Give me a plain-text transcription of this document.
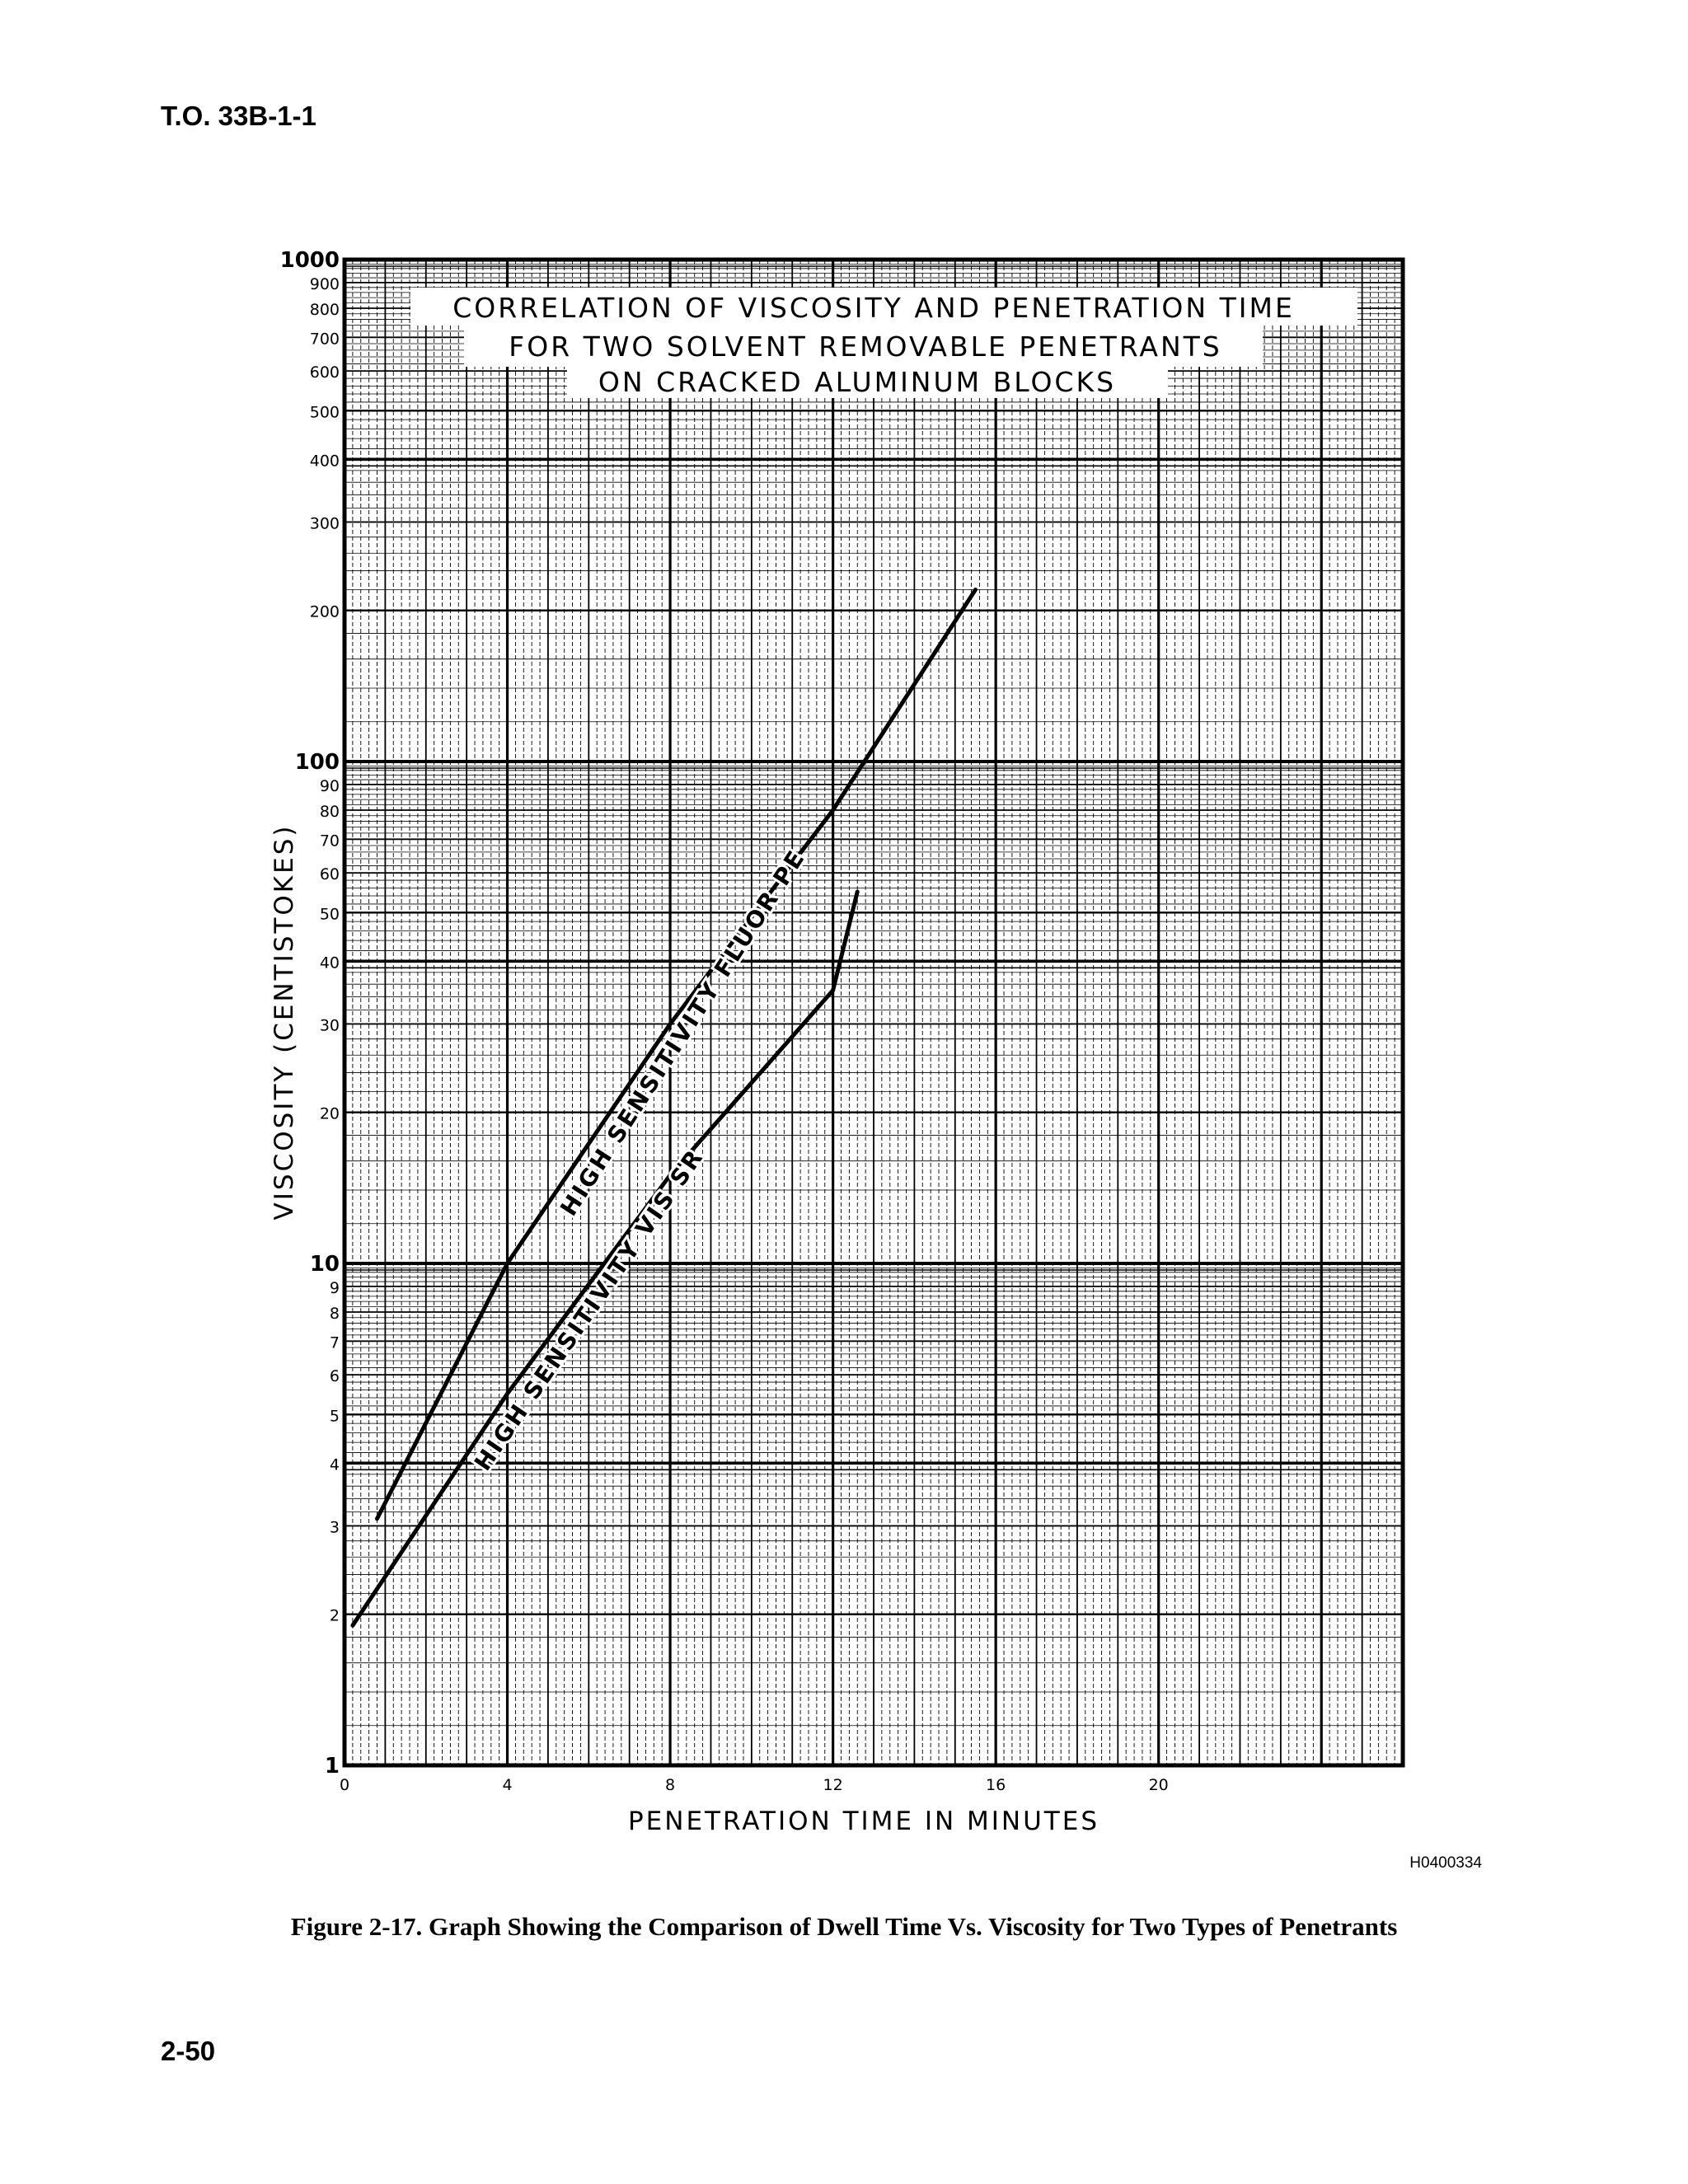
T.O. 33B-1-1
CORRELATION OF VISCOSITY AND PENETRATION TIME
FOR TWO SOLVENT REMOVABLE PENETRANTS
ON CRACKED ALUMINUM BLOCKS
1
2
3
4
5
6
7
8
9
10
20
30
40
50
60
70
80
90
100
200
300
400
500
600
700
800
900
1000
0	4	8	12	16	20
HIGH SENSITIVITY FLUOR PE
HIGH SENSITIVITY VIS SR
PENETRATION TIME IN MINUTES
VISCOSITY (CENTISTOKES)
H0400334
Figure 2-17. Graph Showing the Comparison of Dwell Time Vs. Viscosity for Two Types of Penetrants
2-50
